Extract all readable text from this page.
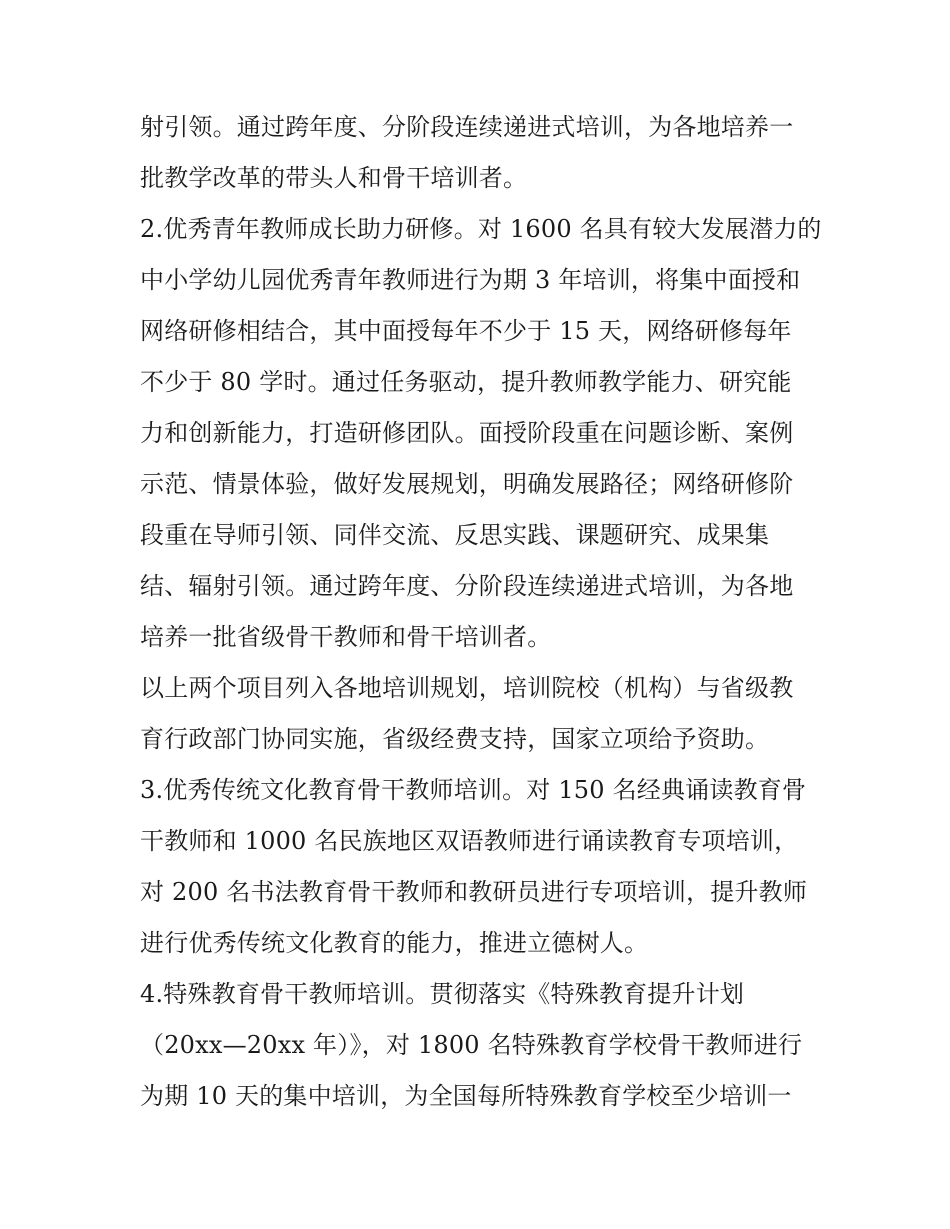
射引领。通过跨年度、分阶段连续递进式培训，为各地培养一
批教学改革的带头人和骨干培训者。
2.优秀青年教师成长助力研修。对 1600 名具有较大发展潜力的
中小学幼儿园优秀青年教师进行为期 3 年培训，将集中面授和
网络研修相结合，其中面授每年不少于 15 天，网络研修每年
不少于 80 学时。通过任务驱动，提升教师教学能力、研究能
力和创新能力，打造研修团队。面授阶段重在问题诊断、案例
示范、情景体验，做好发展规划，明确发展路径；网络研修阶
段重在导师引领、同伴交流、反思实践、课题研究、成果集
结、辐射引领。通过跨年度、分阶段连续递进式培训，为各地
培养一批省级骨干教师和骨干培训者。
以上两个项目列入各地培训规划，培训院校（机构）与省级教
育行政部门协同实施，省级经费支持，国家立项给予资助。
3.优秀传统文化教育骨干教师培训。对 150 名经典诵读教育骨
干教师和 1000 名民族地区双语教师进行诵读教育专项培训，
对 200 名书法教育骨干教师和教研员进行专项培训，提升教师
进行优秀传统文化教育的能力，推进立德树人。
4.特殊教育骨干教师培训。贯彻落实《特殊教育提升计划
（20xx—20xx 年）》，对 1800 名特殊教育学校骨干教师进行
为期 10 天的集中培训，为全国每所特殊教育学校至少培训一
